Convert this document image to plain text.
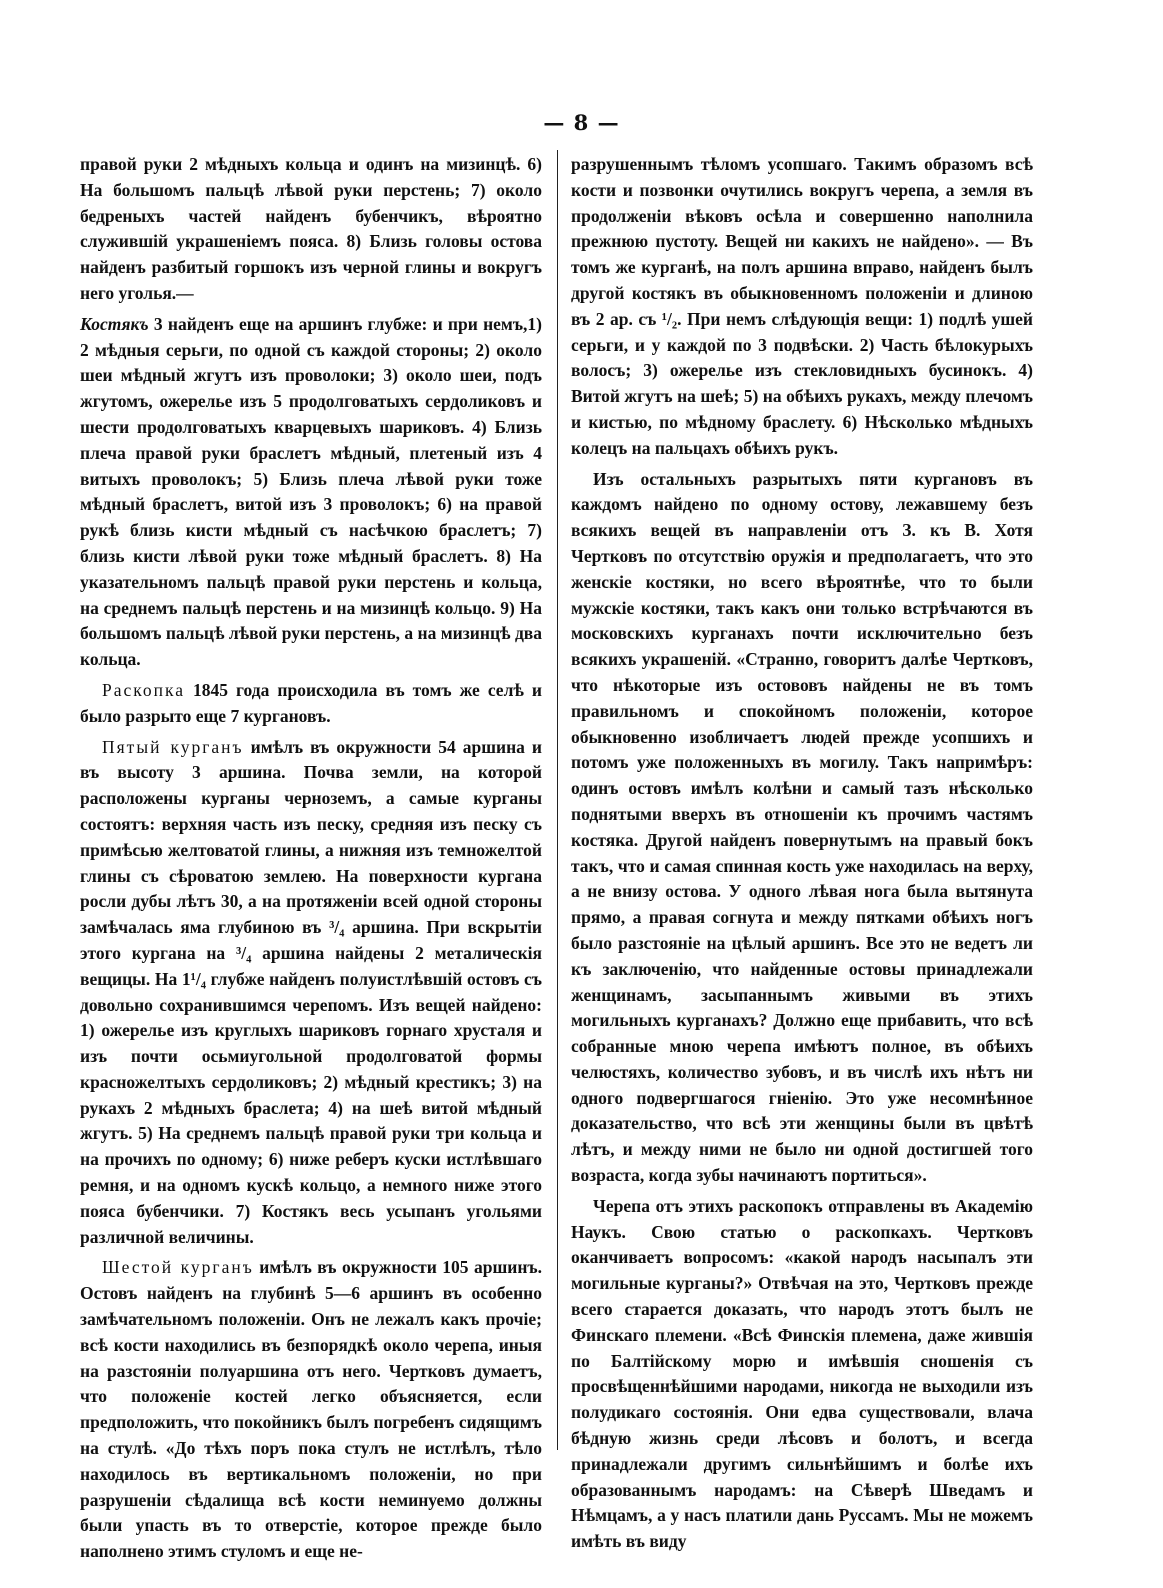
— 8 —

правой руки 2 мѣдныхъ кольца и одинъ на мизинцѣ. 6) На большомъ пальцѣ лѣвой руки перстень; 7) около бедреныхъ частей найденъ бубенчикъ, вѣроятно служившій украшеніемъ пояса. 8) Близь головы остова найденъ разбитый горшокъ изъ черной глины и вокругъ него уголья.—

Костякъ 3 найденъ еще на аршинъ глубже: и при немъ,1) 2 мѣдныя серьги, по одной съ каждой стороны; 2) около шеи мѣдный жгутъ изъ проволоки; 3) около шеи, подъ жгутомъ, ожерелье изъ 5 продолговатыхъ сердоликовъ и шести продолговатыхъ кварцевыхъ шариковъ. 4) Близь плеча правой руки браслетъ мѣдный, плетеный изъ 4 витыхъ проволокъ; 5) Близь плеча лѣвой руки тоже мѣдный браслетъ, витой изъ 3 проволокъ; 6) на правой рукѣ близь кисти мѣдный съ насѣчкою браслетъ; 7) близь кисти лѣвой руки тоже мѣдный браслетъ. 8) На указательномъ пальцѣ правой руки перстень и кольца, на среднемъ пальцѣ перстень и на мизинцѣ кольцо. 9) На большомъ пальцѣ лѣвой руки перстень, а на мизинцѣ два кольца.

Раскопка 1845 года происходила въ томъ же селѣ и было разрыто еще 7 кургановъ.

Пятый курганъ имѣлъ въ окружности 54 аршина и въ высоту 3 аршина. Почва земли, на которой расположены курганы черноземъ, а самые курганы состоятъ: верхняя часть изъ песку, средняя изъ песку съ примѣсью желтоватой глины, а нижняя изъ темножелтой глины съ сѣроватою землею. На поверхности кургана росли дубы лѣтъ 30, а на протяженіи всей одной стороны замѣчалась яма глубиною въ ³/₄ аршина. При вскрытіи этого кургана на ³/₄ аршина найдены 2 металическія вещицы. На 1¹/₄ глубже найденъ полуистлѣвшій остовъ съ довольно сохранившимся черепомъ. Изъ вещей найдено: 1) ожерелье изъ круглыхъ шариковъ горнаго хрусталя и изъ почти осьмиугольной продолговатой формы красножелтыхъ сердоликовъ; 2) мѣдный крестикъ; 3) на рукахъ 2 мѣдныхъ браслета; 4) на шеѣ витой мѣдный жгутъ. 5) На среднемъ пальцѣ правой руки три кольца и на прочихъ по одному; 6) ниже реберъ куски истлѣвшаго ремня, и на одномъ кускѣ кольцо, а немного ниже этого пояса бубенчики. 7) Костякъ весь усыпанъ угольями различной величины.

Шестой курганъ имѣлъ въ окружности 105 аршинъ. Остовъ найденъ на глубинѣ 5—6 аршинъ въ особенно замѣчательномъ положеніи. Онъ не лежалъ какъ прочіе; всѣ кости находились въ безпорядкѣ около черепа, иныя на разстояніи полуаршина отъ него. Чертковъ думаетъ, что положеніе костей легко объясняется, если предположить, что покойникъ былъ погребенъ сидящимъ на стулѣ. «До тѣхъ поръ пока стулъ не истлѣлъ, тѣло находилось въ вертикальномъ положеніи, но при разрушеніи сѣдалища всѣ кости неминуемо должны были упасть въ то отверстіе, которое прежде было наполнено этимъ стуломъ и еще не-

разрушеннымъ тѣломъ усопшаго. Такимъ образомъ всѣ кости и позвонки очутились вокругъ черепа, а земля въ продолженіи вѣковъ осѣла и совершенно наполнила прежнюю пустоту. Вещей ни какихъ не найдено». — Въ томъ же курганѣ, на полъ аршина вправо, найденъ былъ другой костякъ въ обыкновенномъ положеніи и длиною въ 2 ар. съ ¹/₂. При немъ слѣдующія вещи: 1) подлѣ ушей серьги, и у каждой по 3 подвѣски. 2) Часть бѣлокурыхъ волосъ; 3) ожерелье изъ стекловидныхъ бусинокъ. 4) Витой жгутъ на шеѣ; 5) на обѣихъ рукахъ, между плечомъ и кистью, по мѣдному браслету. 6) Нѣсколько мѣдныхъ колецъ на пальцахъ обѣихъ рукъ.

Изъ остальныхъ разрытыхъ пяти кургановъ въ каждомъ найдено по одному остову, лежавшему безъ всякихъ вещей въ направленіи отъ З. къ В. Хотя Чертковъ по отсутствію оружія и предполагаетъ, что это женскіе костяки, но всего вѣроятнѣе, что то были мужскіе костяки, такъ какъ они только встрѣчаются въ московскихъ курганахъ почти исключительно безъ всякихъ украшеній. «Странно, говоритъ далѣе Чертковъ, что нѣкоторые изъ остововъ найдены не въ томъ правильномъ и спокойномъ положеніи, которое обыкновенно изобличаетъ людей прежде усопшихъ и потомъ уже положенныхъ въ могилу. Такъ напримѣръ: одинъ остовъ имѣлъ колѣни и самый тазъ нѣсколько поднятыми вверхъ въ отношеніи къ прочимъ частямъ костяка. Другой найденъ повернутымъ на правый бокъ такъ, что и самая спинная кость уже находилась на верху, а не внизу остова. У одного лѣвая нога была вытянута прямо, а правая согнута и между пятками обѣихъ ногъ было разстояніе на цѣлый аршинъ. Все это не ведетъ ли къ заключенію, что найденные остовы принадлежали женщинамъ, засыпаннымъ живыми въ этихъ могильныхъ курганахъ? Должно еще прибавить, что всѣ собранные мною черепа имѣютъ полное, въ обѣихъ челюстяхъ, количество зубовъ, и въ числѣ ихъ нѣтъ ни одного подвергшагося гніенію. Это уже несомнѣнное доказательство, что всѣ эти женщины были въ цвѣтѣ лѣтъ, и между ними не было ни одной достигшей того возраста, когда зубы начинаютъ портиться».

Черепа отъ этихъ раскопокъ отправлены въ Академію Наукъ. Свою статью о раскопкахъ. Чертковъ оканчиваетъ вопросомъ: «какой народъ насыпалъ эти могильные курганы?» Отвѣчая на это, Чертковъ прежде всего старается доказать, что народъ этотъ былъ не Финскаго племени. «Всѣ Финскія племена, даже жившія по Балтійскому морю и имѣвшія сношенія съ просвѣщеннѣйшими народами, никогда не выходили изъ полудикаго состоянія. Они едва существовали, влача бѣдную жизнь среди лѣсовъ и болотъ, и всегда принадлежали другимъ сильнѣйшимъ и болѣе ихъ образованнымъ народамъ: на Сѣверѣ Шведамъ и Нѣмцамъ, а у насъ платили дань Руссамъ. Мы не можемъ имѣть въ виду
